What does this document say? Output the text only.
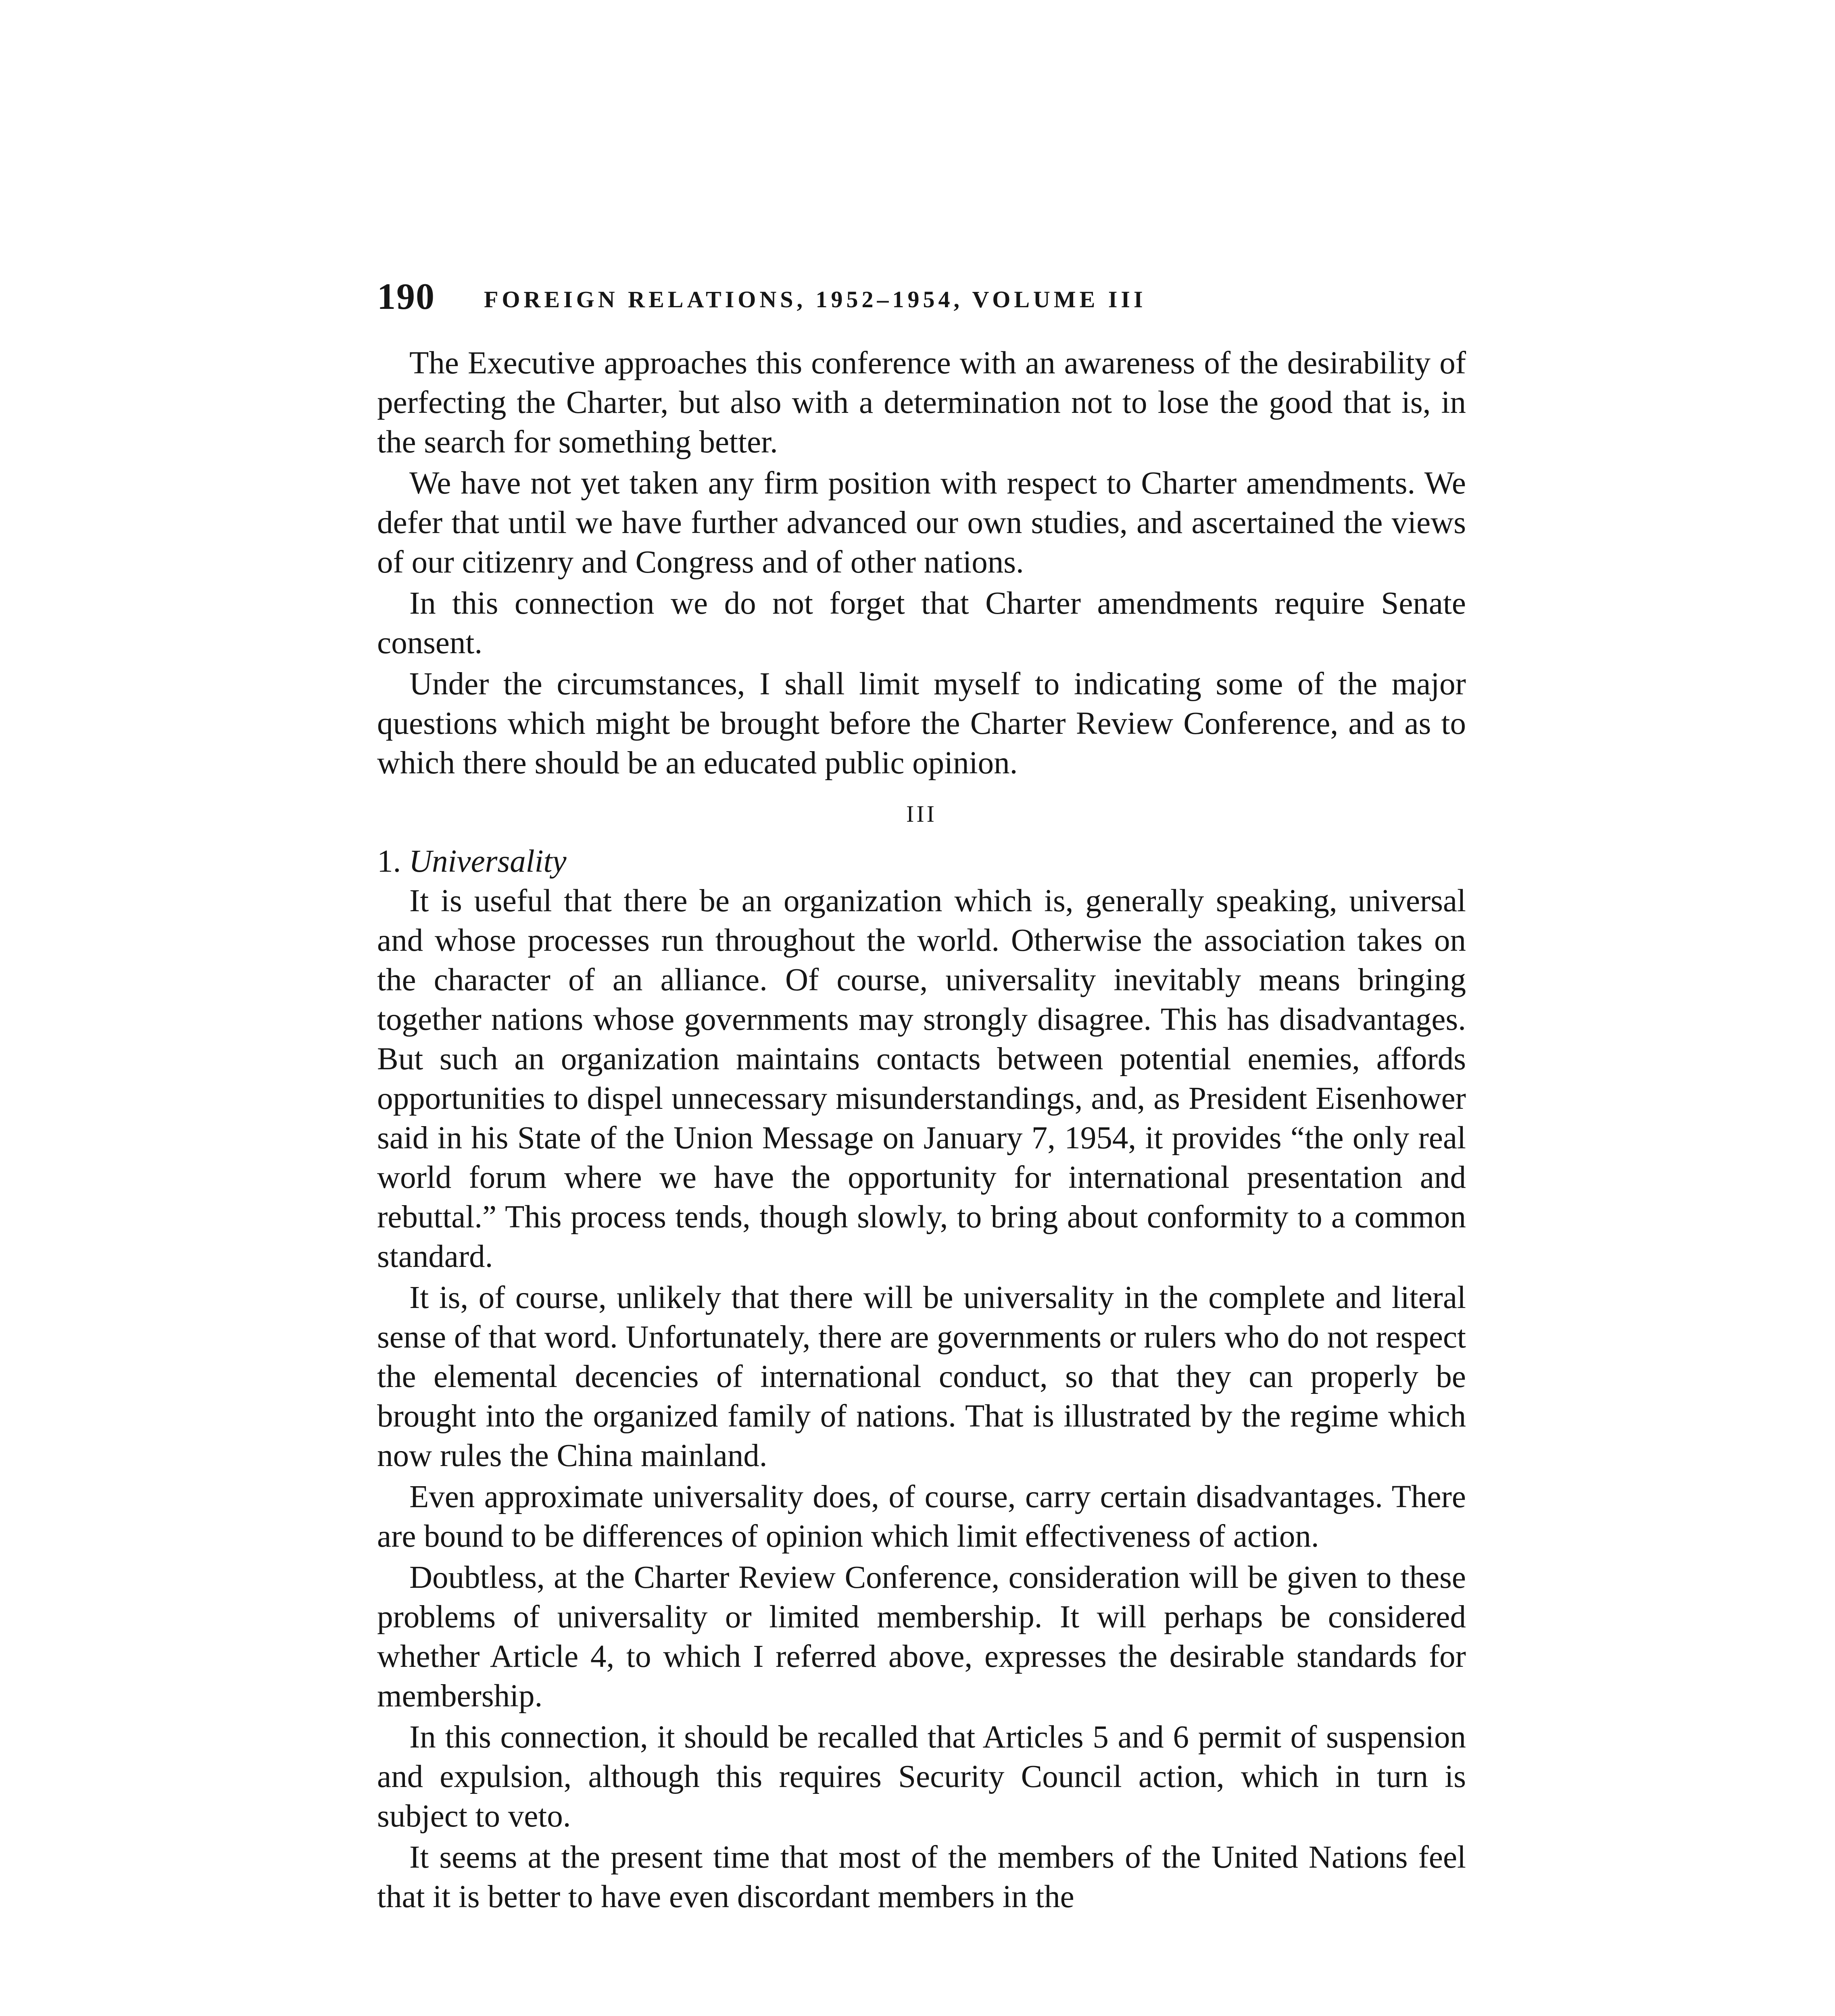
190 FOREIGN RELATIONS, 1952–1954, VOLUME III

The Executive approaches this conference with an awareness of the desirability of perfecting the Charter, but also with a determination not to lose the good that is, in the search for something better.

We have not yet taken any firm position with respect to Charter amendments. We defer that until we have further advanced our own studies, and ascertained the views of our citizenry and Congress and of other nations.

In this connection we do not forget that Charter amendments require Senate consent.

Under the circumstances, I shall limit myself to indicating some of the major questions which might be brought before the Charter Review Conference, and as to which there should be an educated public opinion.

III

1. Universality

It is useful that there be an organization which is, generally speaking, universal and whose processes run throughout the world. Otherwise the association takes on the character of an alliance. Of course, universality inevitably means bringing together nations whose governments may strongly disagree. This has disadvantages. But such an organization maintains contacts between potential enemies, affords opportunities to dispel unnecessary misunderstandings, and, as President Eisenhower said in his State of the Union Message on January 7, 1954, it provides “the only real world forum where we have the opportunity for international presentation and rebuttal.” This process tends, though slowly, to bring about conformity to a common standard.

It is, of course, unlikely that there will be universality in the complete and literal sense of that word. Unfortunately, there are governments or rulers who do not respect the elemental decencies of international conduct, so that they can properly be brought into the organized family of nations. That is illustrated by the regime which now rules the China mainland.

Even approximate universality does, of course, carry certain disadvantages. There are bound to be differences of opinion which limit effectiveness of action.

Doubtless, at the Charter Review Conference, consideration will be given to these problems of universality or limited membership. It will perhaps be considered whether Article 4, to which I referred above, expresses the desirable standards for membership.

In this connection, it should be recalled that Articles 5 and 6 permit of suspension and expulsion, although this requires Security Council action, which in turn is subject to veto.

It seems at the present time that most of the members of the United Nations feel that it is better to have even discordant members in the
